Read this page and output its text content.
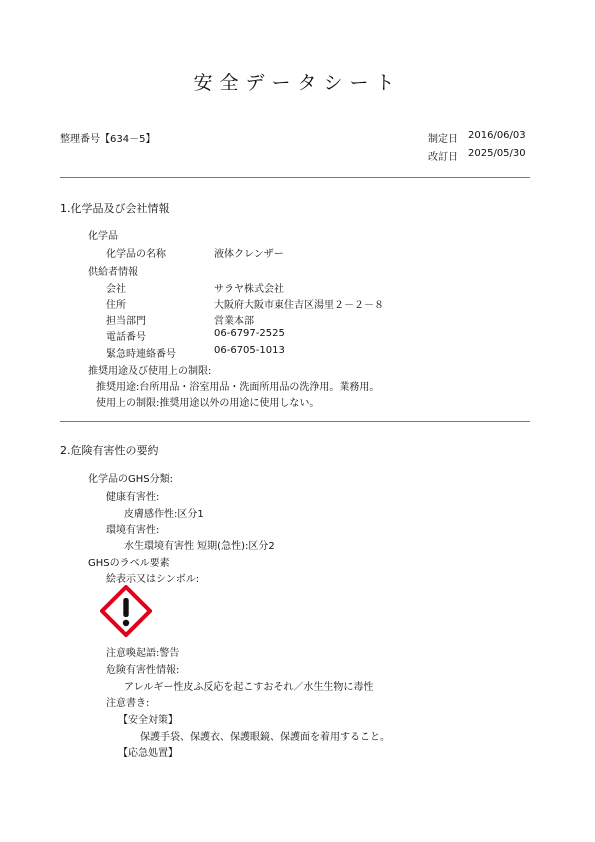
安全データシート
整理番号【634－5】	制定日 2016/06/03
改訂日 2025/05/30
1.化学品及び会社情報
化学品
化学品の名称	液体クレンザー
供給者情報
会社	サラヤ株式会社
住所	大阪府大阪市東住吉区湯里２－２－８
担当部門	営業本部
電話番号	06-6797-2525
緊急時連絡番号	06-6705-1013
推奨用途及び使用上の制限:
推奨用途:台所用品・浴室用品・洗面所用品の洗浄用。業務用。
使用上の制限:推奨用途以外の用途に使用しない。
2.危険有害性の要約
化学品のGHS分類:
健康有害性:
皮膚感作性:区分1
環境有害性:
水生環境有害性 短期(急性):区分2
GHSのラベル要素
絵表示又はシンボル:
注意喚起語:警告
危険有害性情報:
アレルギー性皮ふ反応を起こすおそれ／水生生物に毒性
注意書き:
【安全対策】
保護手袋、保護衣、保護眼鏡、保護面を着用すること。
【応急処置】
